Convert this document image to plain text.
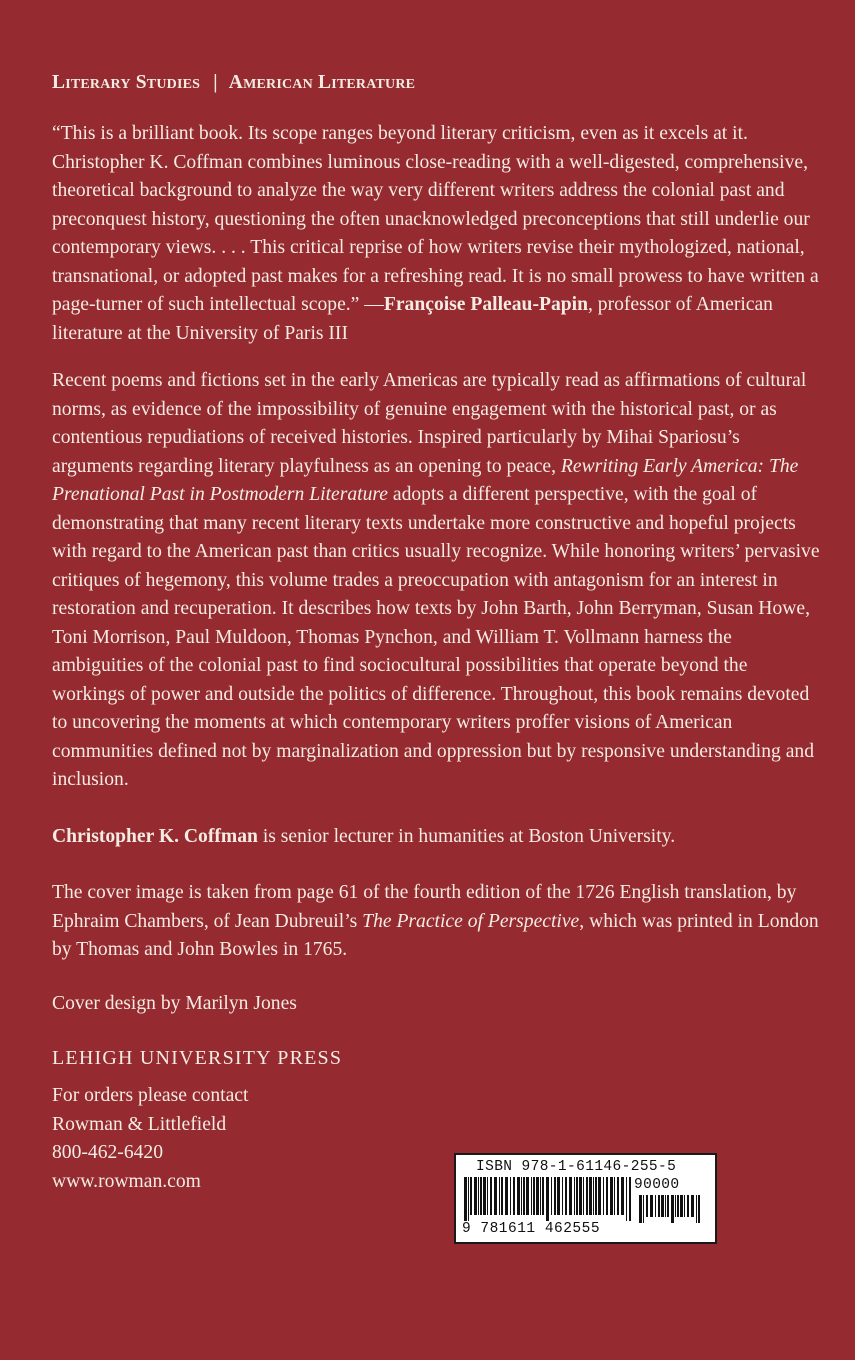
Literary Studies | American Literature

“This is a brilliant book. Its scope ranges beyond literary criticism, even as it excels at it. Christopher K. Coffman combines luminous close-reading with a well-digested, comprehensive, theoretical background to analyze the way very different writers address the colonial past and preconquest history, questioning the often unacknowledged preconceptions that still underlie our contemporary views. . . . This critical reprise of how writers revise their mythologized, national, transnational, or adopted past makes for a refreshing read. It is no small prowess to have written a page-turner of such intellectual scope.” —Françoise Palleau-Papin, professor of American literature at the University of Paris III

Recent poems and fictions set in the early Americas are typically read as affirmations of cultural norms, as evidence of the impossibility of genuine engagement with the historical past, or as contentious repudiations of received histories. Inspired particularly by Mihai Spariosu’s arguments regarding literary playfulness as an opening to peace, Rewriting Early America: The Prenational Past in Postmodern Literature adopts a different perspective, with the goal of demonstrating that many recent literary texts undertake more constructive and hopeful projects with regard to the American past than critics usually recognize. While honoring writers’ pervasive critiques of hegemony, this volume trades a preoccupation with antagonism for an interest in restoration and recuperation. It describes how texts by John Barth, John Berryman, Susan Howe, Toni Morrison, Paul Muldoon, Thomas Pynchon, and William T. Vollmann harness the ambiguities of the colonial past to find sociocultural possibilities that operate beyond the workings of power and outside the politics of difference. Throughout, this book remains devoted to uncovering the moments at which contemporary writers proffer visions of American communities defined not by marginalization and oppression but by responsive understanding and inclusion.

Christopher K. Coffman is senior lecturer in humanities at Boston University.

The cover image is taken from page 61 of the fourth edition of the 1726 English translation, by Ephraim Chambers, of Jean Dubreuil’s The Practice of Perspective, which was printed in London by Thomas and John Bowles in 1765.

Cover design by Marilyn Jones

LEHIGH UNIVERSITY PRESS

For orders please contact

Rowman & Littlefield

800-462-6420

www.rowman.com

ISBN 978-1-61146-255-5
90000
9 781611 462555
